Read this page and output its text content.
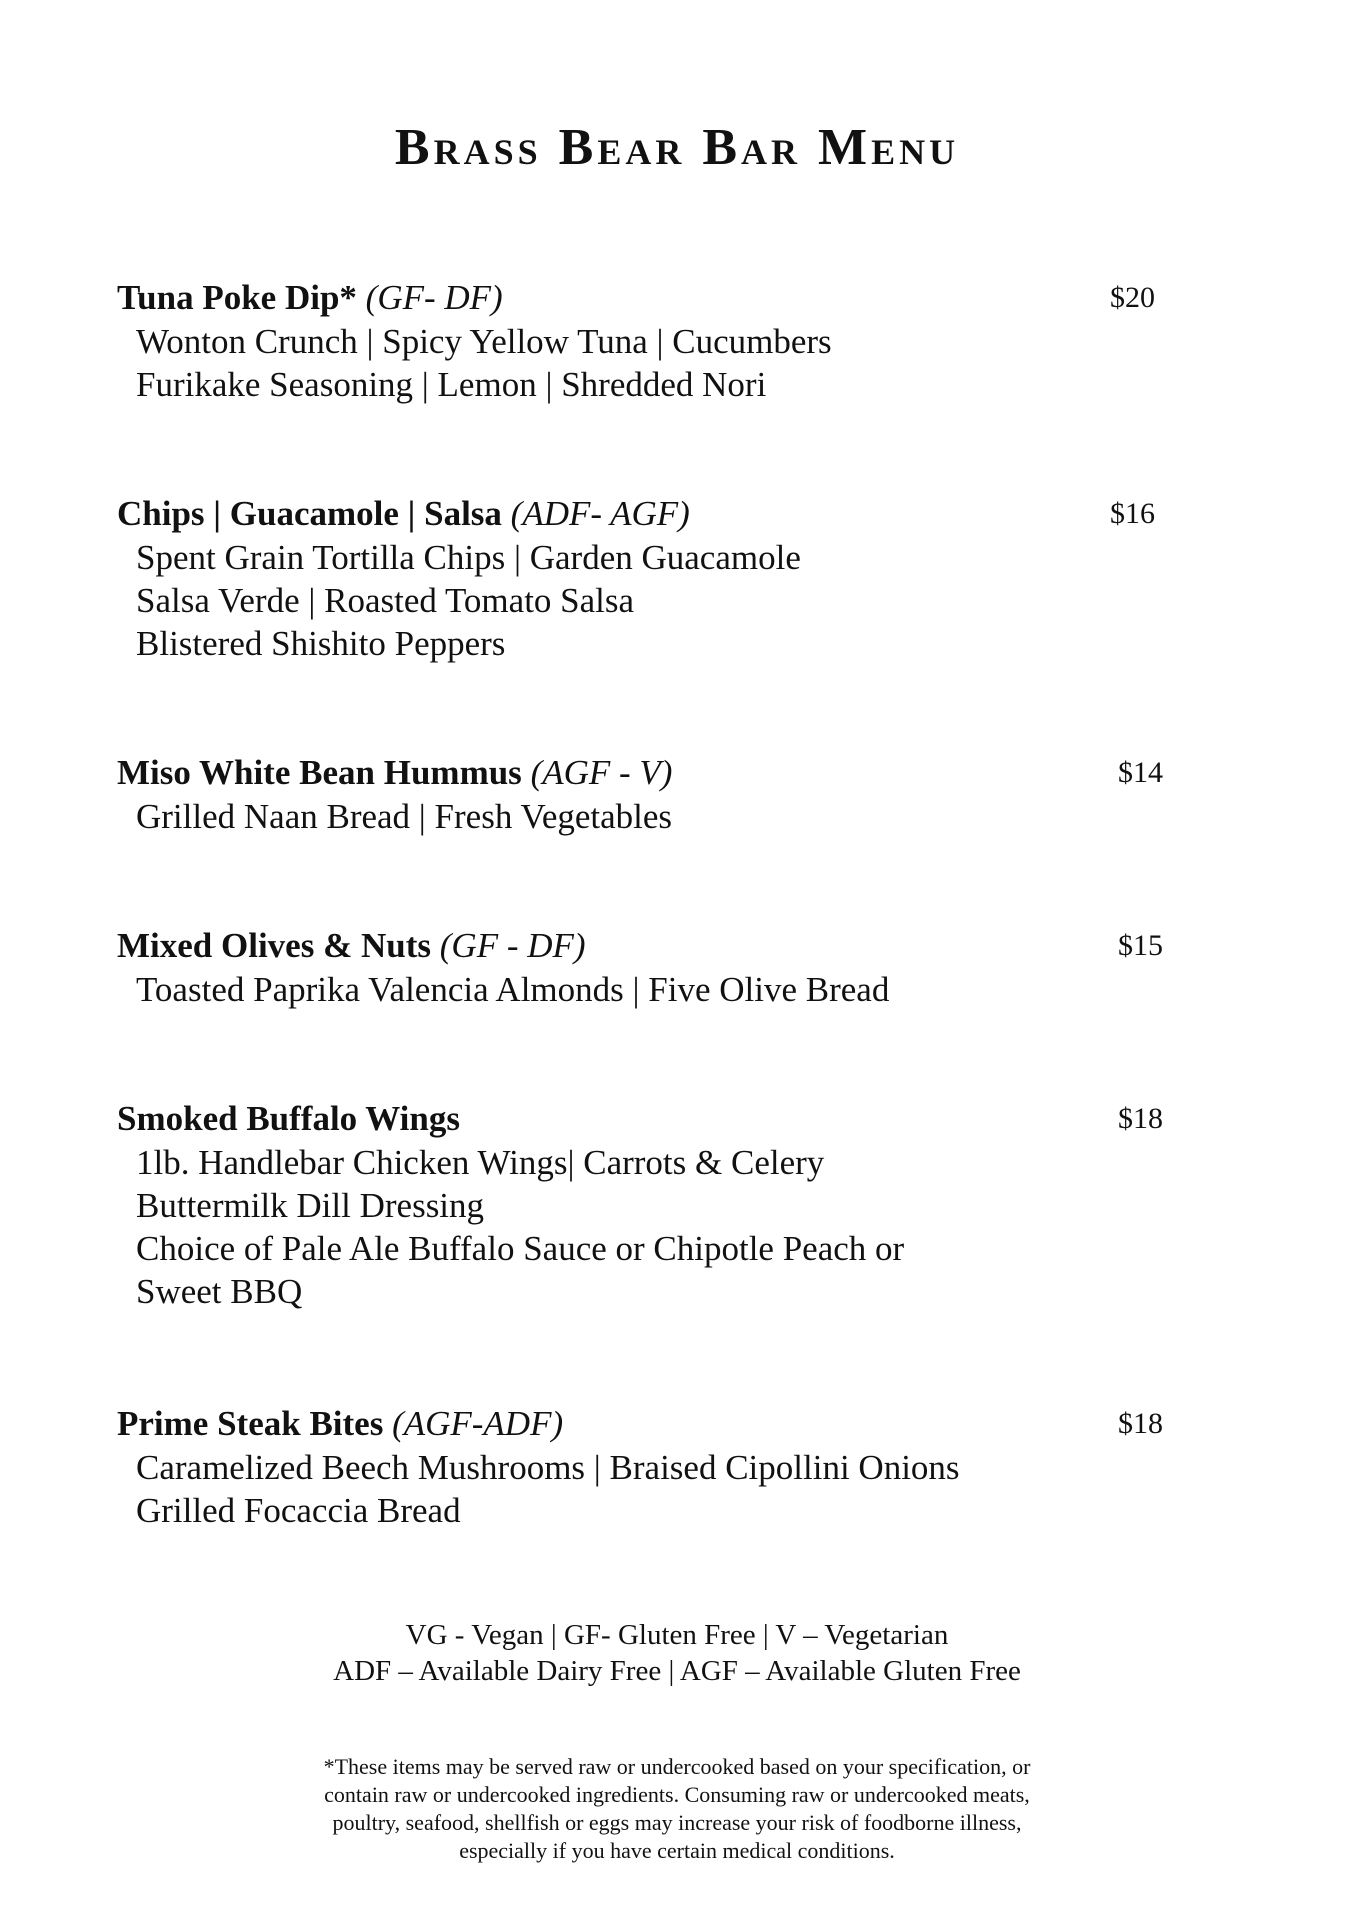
Brass Bear Bar Menu
Tuna Poke Dip* (GF- DF)	$20
Wonton Crunch | Spicy Yellow Tuna | Cucumbers
Furikake Seasoning | Lemon | Shredded Nori
Chips | Guacamole | Salsa (ADF- AGF)	$16
Spent Grain Tortilla Chips | Garden Guacamole
Salsa Verde | Roasted Tomato Salsa
Blistered Shishito Peppers
Miso White Bean Hummus (AGF - V)	$14
Grilled Naan Bread | Fresh Vegetables
Mixed Olives & Nuts (GF - DF)	$15
Toasted Paprika Valencia Almonds | Five Olive Bread
Smoked Buffalo Wings	$18
1lb. Handlebar Chicken Wings| Carrots & Celery
Buttermilk Dill Dressing
Choice of Pale Ale Buffalo Sauce or Chipotle Peach or
Sweet BBQ
Prime Steak Bites (AGF-ADF)	$18
Caramelized Beech Mushrooms | Braised Cipollini Onions
Grilled Focaccia Bread
VG - Vegan | GF- Gluten Free | V – Vegetarian
ADF – Available Dairy Free | AGF – Available Gluten Free
*These items may be served raw or undercooked based on your specification, or
contain raw or undercooked ingredients. Consuming raw or undercooked meats,
poultry, seafood, shellfish or eggs may increase your risk of foodborne illness,
especially if you have certain medical conditions.
